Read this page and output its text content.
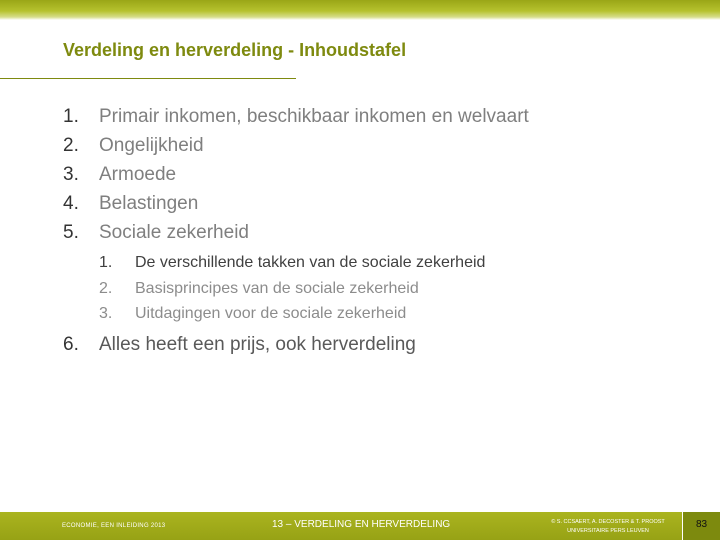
Verdeling en herverdeling - Inhoudstafel
1.	Primair inkomen, beschikbaar inkomen en welvaart
2.	Ongelijkheid
3.	Armoede
4.	Belastingen
5.	Sociale zekerheid
1.	De verschillende takken van de sociale zekerheid
2.	Basisprincipes van de sociale zekerheid
3.	Uitdagingen voor de sociale zekerheid
6.	Alles heeft een prijs, ook herverdeling
ECONOMIE, EEN INLEIDING 2013	13 – VERDELING EN HERVERDELING	© S. CCSAERT, A. DECOSTER & T. PROOST
UNIVERSITAIRE PERS LEUVEN
83
